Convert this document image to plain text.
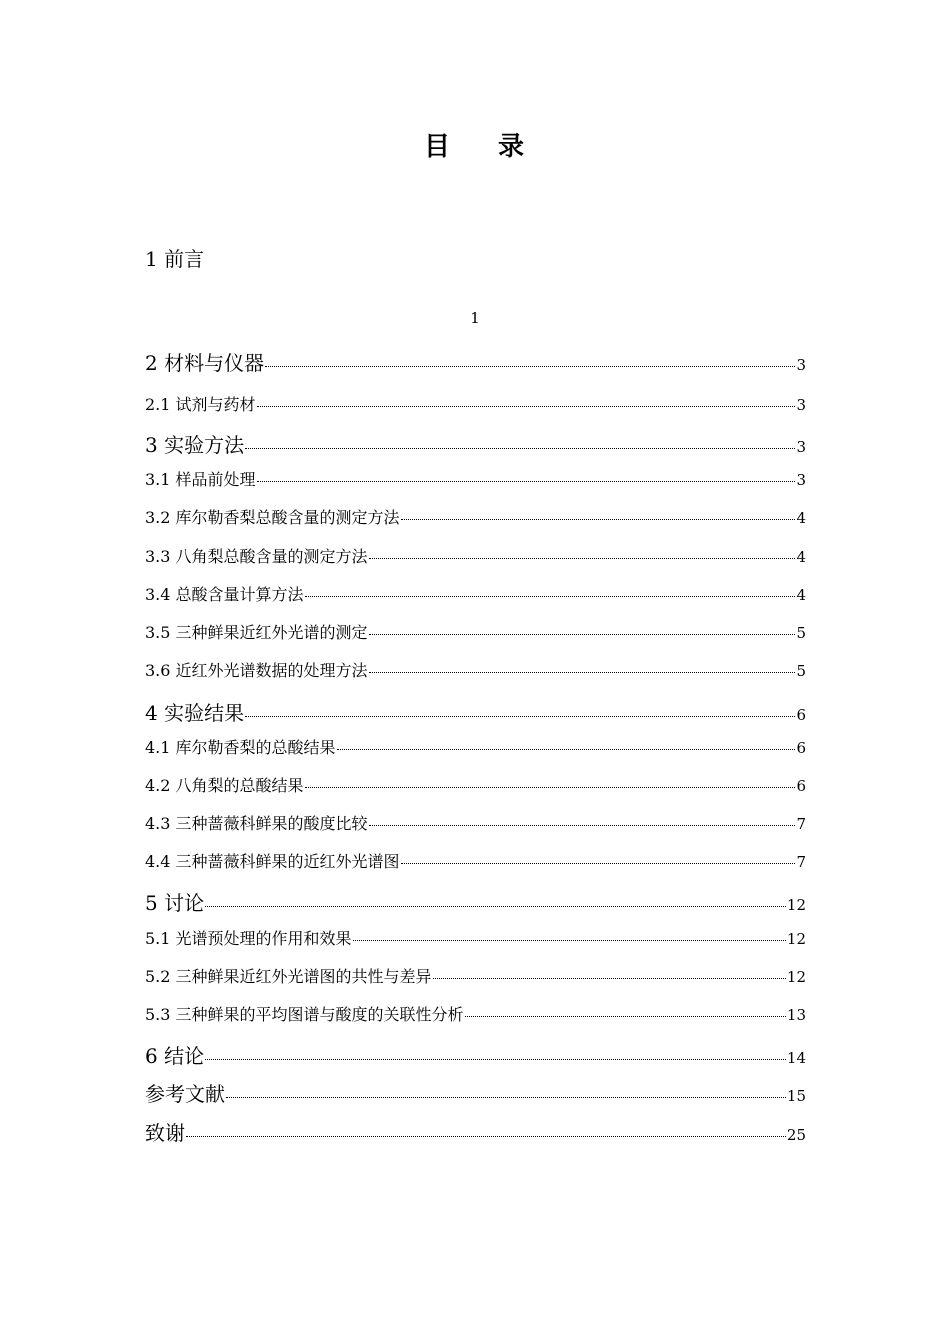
目 录
1 前言
1
2 材料与仪器	3
2.1 试剂与药材	3
3 实验方法	3
3.1 样品前处理	3
3.2 库尔勒香梨总酸含量的测定方法	4
3.3 八角梨总酸含量的测定方法	4
3.4 总酸含量计算方法	4
3.5 三种鲜果近红外光谱的测定	5
3.6 近红外光谱数据的处理方法	5
4 实验结果	6
4.1 库尔勒香梨的总酸结果	6
4.2 八角梨的总酸结果	6
4.3 三种蔷薇科鲜果的酸度比较	7
4.4 三种蔷薇科鲜果的近红外光谱图	7
5 讨论	12
5.1 光谱预处理的作用和效果	12
5.2 三种鲜果近红外光谱图的共性与差异	12
5.3 三种鲜果的平均图谱与酸度的关联性分析	13
6 结论	14
参考文献	15
致谢	25
